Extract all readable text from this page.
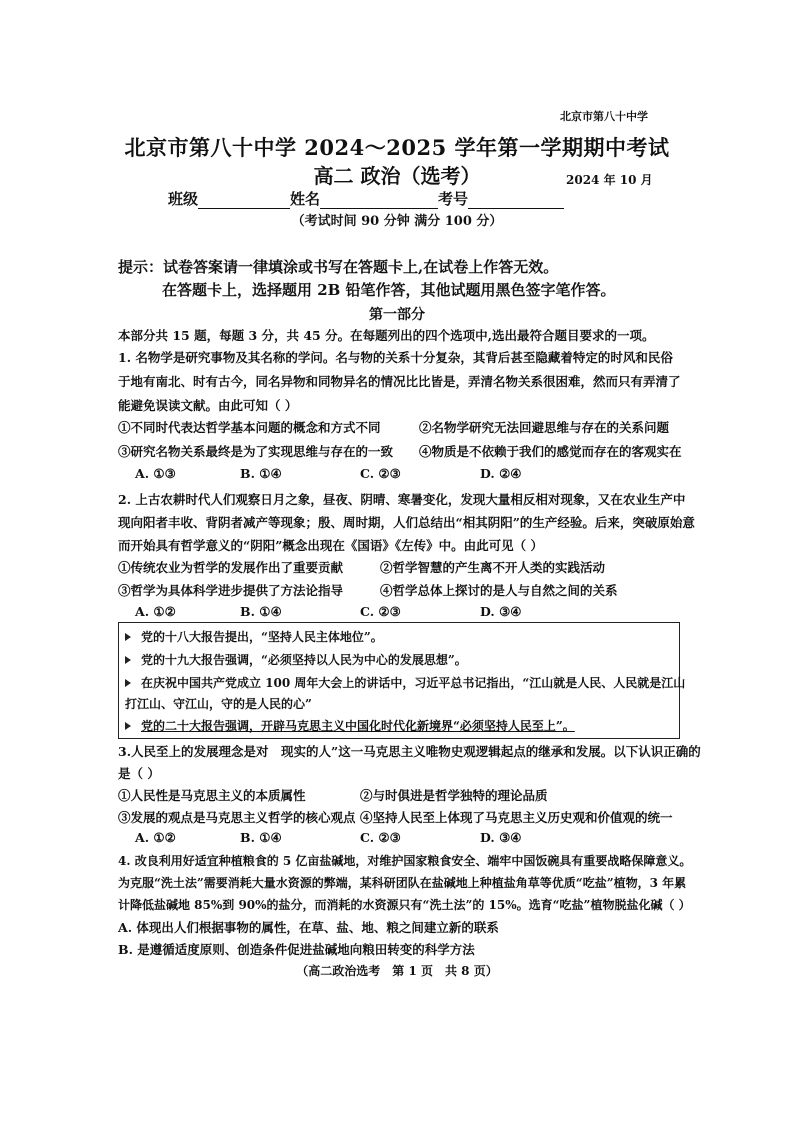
北京市第八十中学
北京市第八十中学 2024～2025 学年第一学期期中考试
高二 政治（选考）	2024 年 10 月
班级	姓名	考号
（考试时间 90 分钟 满分 100 分）
提示：试卷答案请一律填涂或书写在答题卡上,在试卷上作答无效。
在答题卡上，选择题用 2B 铅笔作答，其他试题用黑色签字笔作答。
第一部分
本部分共 15 题，每题 3 分，共 45 分。在每题列出的四个选项中,选出最符合题目要求的一项。
1. 名物学是研究事物及其名称的学问。名与物的关系十分复杂，其背后甚至隐藏着特定的时风和民俗
于地有南北、时有古今，同名异物和同物异名的情况比比皆是，弄清名物关系很困难，然而只有弄清了
能避免误读文献。由此可知（ ）
①不同时代表达哲学基本问题的概念和方式不同	②名物学研究无法回避思维与存在的关系问题
③研究名物关系最终是为了实现思维与存在的一致 ④物质是不依赖于我们的感觉而存在的客观实在
A. ①③	B. ①④	C. ②③	D. ②④
2. 上古农耕时代人们观察日月之象，昼夜、阴晴、寒暑变化，发现大量相反相对现象，又在农业生产中
现向阳者丰收、背阴者减产等现象；殷、周时期，人们总结出“相其阴阳”的生产经验。后来，突破原始意
而开始具有哲学意义的“阴阳”概念出现在《国语》《左传》中。由此可见（ ）
①传统农业为哲学的发展作出了重要贡献	②哲学智慧的产生离不开人类的实践活动
③哲学为具体科学进步提供了方法论指导	④哲学总体上探讨的是人与自然之间的关系
A. ①②	B. ①④	C. ②③	D. ③④
党的十八大报告提出，“坚持人民主体地位”。
党的十九大报告强调，“必须坚持以人民为中心的发展思想”。
在庆祝中国共产党成立 100 周年大会上的讲话中，习近平总书记指出，“江山就是人民、人民就是江山
打江山、守江山，守的是人民的心”
党的二十大报告强调，开辟马克思主义中国化时代化新境界“必须坚持人民至上”。
3.人民至上的发展理念是对　现实的人”这一马克思主义唯物史观逻辑起点的继承和发展。以下认识正确的
是（ ）
①人民性是马克思主义的本质属性	②与时俱进是哲学独特的理论品质
③发展的观点是马克思主义哲学的核心观点 ④坚持人民至上体现了马克思主义历史观和价值观的统一
A. ①②	B. ①④	C. ②③	D. ③④
4. 改良利用好适宜种植粮食的 5 亿亩盐碱地，对维护国家粮食安全、端牢中国饭碗具有重要战略保障意义。
为克服“洗土法”需要消耗大量水资源的弊端，某科研团队在盐碱地上种植盐角草等优质“吃盐”植物，3 年累
计降低盐碱地 85%到 90%的盐分，而消耗的水资源只有“洗土法”的 15%。选育“吃盐”植物脱盐化碱（ ）
A. 体现出人们根据事物的属性，在草、盐、地、粮之间建立新的联系
B. 是遵循适度原则、创造条件促进盐碱地向粮田转变的科学方法
（高二政治选考　第 1 页　共 8 页）
